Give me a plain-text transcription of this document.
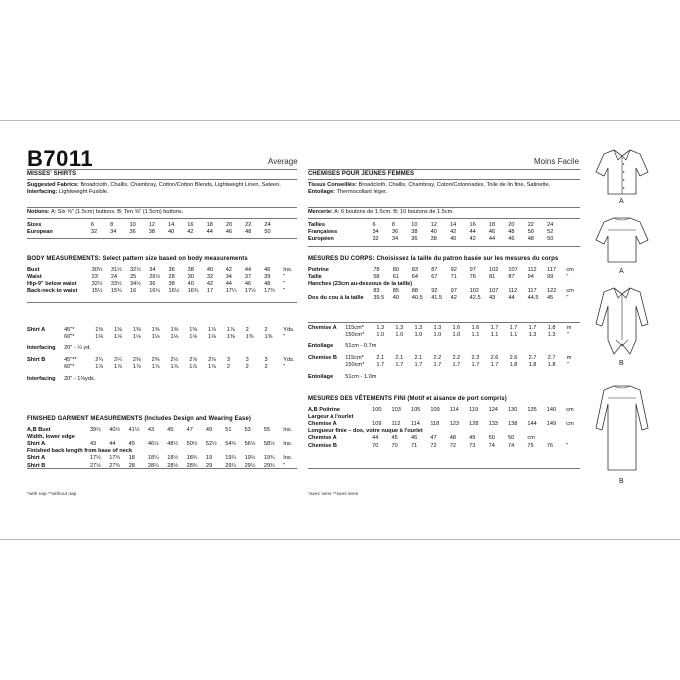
B7011	Average	Moins Facile
MISSES' SHIRTS
Suggested Fabrics: Broadcloth, Challis, Chambray, Cotton/Cotton Blends, Lightweight Linen, Sateen. Interfacing: Lightweight Fusible.
Notions: A: Six ⅝" (1.5cm) buttons. B: Ten ⅝" (1.5cm) buttons.
Sizes	6	8	10	12	14	16	18	20	22	24	
European	32	34	36	38	40	42	44	46	48	50	
BODY MEASUREMENTS: Select pattern size based on body measurements
Bust	30½	31½	32½	34	36	38	40	42	44	46	Ins.
Waist	23	24	25	26½	28	30	32	34	37	39	"
Hip-9" below waist	32½	33½	34½	36	38	40	42	44	46	48	"
Back-neck to waist	15½	15¾	16	16¼	16½	16¾	17	17¼	17½	17¾	"
Shirt A	45"*	1⅜	1⅜	1⅜	1⅜	1⅜	1⅜	1⅞	1⅞	2	2	Yds.
	60"*	1⅛	1⅛	1⅛	1⅛	1⅛	1⅛	1⅛	1⅜	1⅜	1⅜	"
Interfacing	20" - ¼ yd.											
Shirt B	45"**	2¼	2¼	2⅜	2⅜	2½	2⅞	2⅞	3	3	3	Yds.
	60"*	1⅞	1⅞	1⅞	1⅞	1⅞	1⅞	1⅞	2	2	2	"
Interfacing	20" - 1⅛yds.											
FINISHED GARMENT MEASUREMENTS (Includes Design and Wearing Ease)
A,B Bust	39½	40½	41½	43	45	47	49	51	53	55	Ins.
Width, lower edge											
Shirt A	43	44	45	46½	48½	50½	52½	54½	56½	58½	Ins.
Finished back length from base of neck											
Shirt A	17½	17¾	18	18¼	18½	18¾	19	19¼	19½	19¾	Ins.
Shirt B	27½	27¾	28	28¼	28½	28¾	29	29¼	29½	29¾	"
*with nap **without nap
CHEMISES POUR JEUNES FEMMES
Tissus Conseillés: Broadcloth, Challis, Chambray, Coton/Cotonnades, Toile de lin fine, Satinette.
Entoilage: Thermocollant léger.
Mercerie: A: 6 boutons de 1.5cm. B: 10 boutons de 1.5cm.
Tailles	6	8	10	12	14	16	18	20	22	24	
Françaises	34	36	38	40	42	44	46	48	50	52	
Européen	32	34	36	38	40	42	44	46	48	50	
MESURES DU CORPS: Choisissez la taille du patron basée sur les mesures du corps
Poitrine	78	80	83	87	92	97	102	107	112	117	cm
Taille	58	61	64	67	71	76	81	87	94	99	"
Hanches (23cm au-dessous de la taille)											
	83	85	88	92	97	102	107	112	117	122	cm
Dos du cou à la taille	39.5	40	40.5	41.5	42	42.5	43	44	44.5	45	"
Chemise A	115cm*	1.3	1.3	1.3	1.3	1.6	1.6	1.7	1.7	1.7	1.8	m
	150cm*	1.0	1.0	1.0	1.0	1.0	1.1	1.1	1.1	1.3	1.3	"
Entoilage	51cm - 0.7m											
Chemise B	115cm*	2.1	2.1	2.1	2.2	2.2	2.3	2.6	2.6	2.7	2.7	m
	150cm*	1.7	1.7	1.7	1.7	1.7	1.7	1.7	1.8	1.8	1.8	"
Entoilage	51cm - 1.0m											
MESURES DES VÊTEMENTS FINI (Motif et aisance de port compris)
A,B Poitrine	100	103	105	109	114	119	124	130	135	140	cm
Largeur à l'ourlet											
Chemise A	109	112	114	118	123	128	133	138	144	149	cm
Longueur finie – dos, votre nuque à l'ourlet											
Chemise A	44	45	46	47	48	49	50	50	cm		
Chemise B	70	70	71	72	72	73	74	74	75	76	"
*avec sens **sans sens
A
A
B
B
